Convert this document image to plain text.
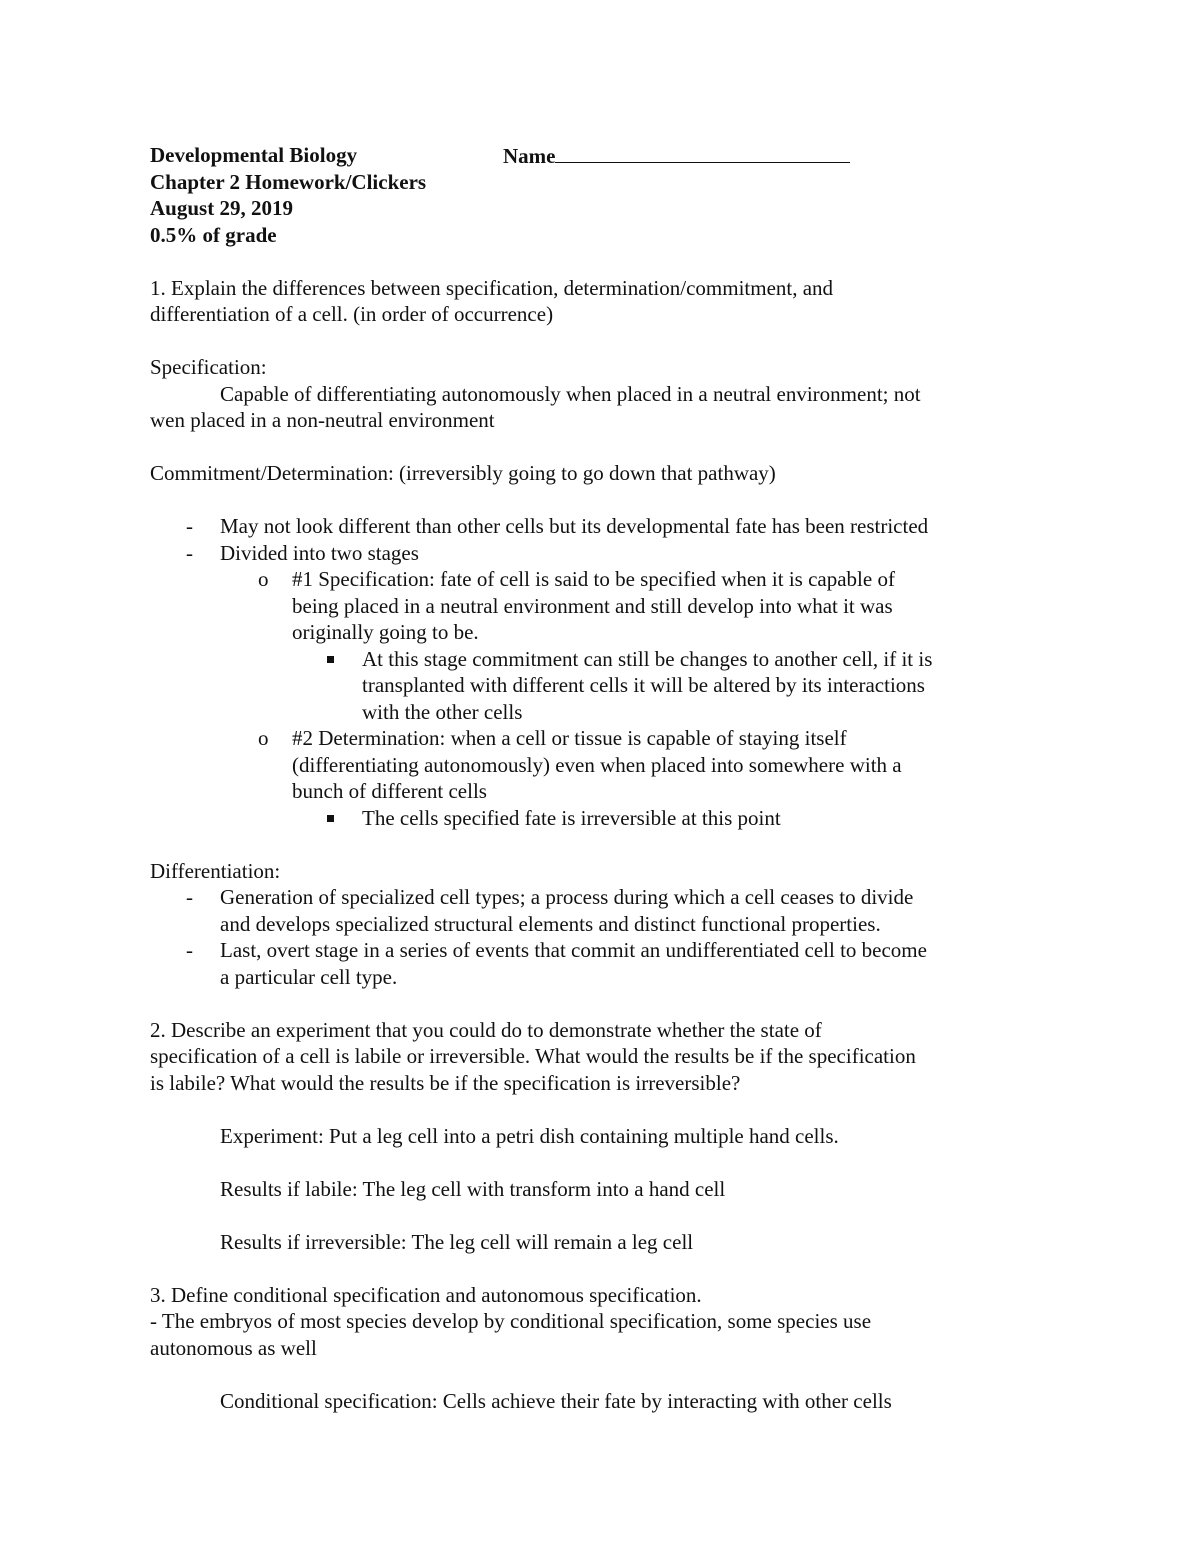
Developmental Biology	Name
Chapter 2 Homework/Clickers
August 29, 2019
0.5% of grade
1. Explain the differences between specification, determination/commitment, and
differentiation of a cell. (in order of occurrence)
Specification:
Capable of differentiating autonomously when placed in a neutral environment; not
wen placed in a non-neutral environment
Commitment/Determination: (irreversibly going to go down that pathway)
- May not look different than other cells but its developmental fate has been restricted
- Divided into two stages
o #1 Specification: fate of cell is said to be specified when it is capable of
being placed in a neutral environment and still develop into what it was
originally going to be.
At this stage commitment can still be changes to another cell, if it is
transplanted with different cells it will be altered by its interactions
with the other cells
o #2 Determination: when a cell or tissue is capable of staying itself
(differentiating autonomously) even when placed into somewhere with a
bunch of different cells
The cells specified fate is irreversible at this point
Differentiation:
- Generation of specialized cell types; a process during which a cell ceases to divide
and develops specialized structural elements and distinct functional properties.
- Last, overt stage in a series of events that commit an undifferentiated cell to become
a particular cell type.
2. Describe an experiment that you could do to demonstrate whether the state of
specification of a cell is labile or irreversible. What would the results be if the specification
is labile? What would the results be if the specification is irreversible?
Experiment: Put a leg cell into a petri dish containing multiple hand cells.
Results if labile: The leg cell with transform into a hand cell
Results if irreversible: The leg cell will remain a leg cell
3. Define conditional specification and autonomous specification.
- The embryos of most species develop by conditional specification, some species use
autonomous as well
Conditional specification: Cells achieve their fate by interacting with other cells
